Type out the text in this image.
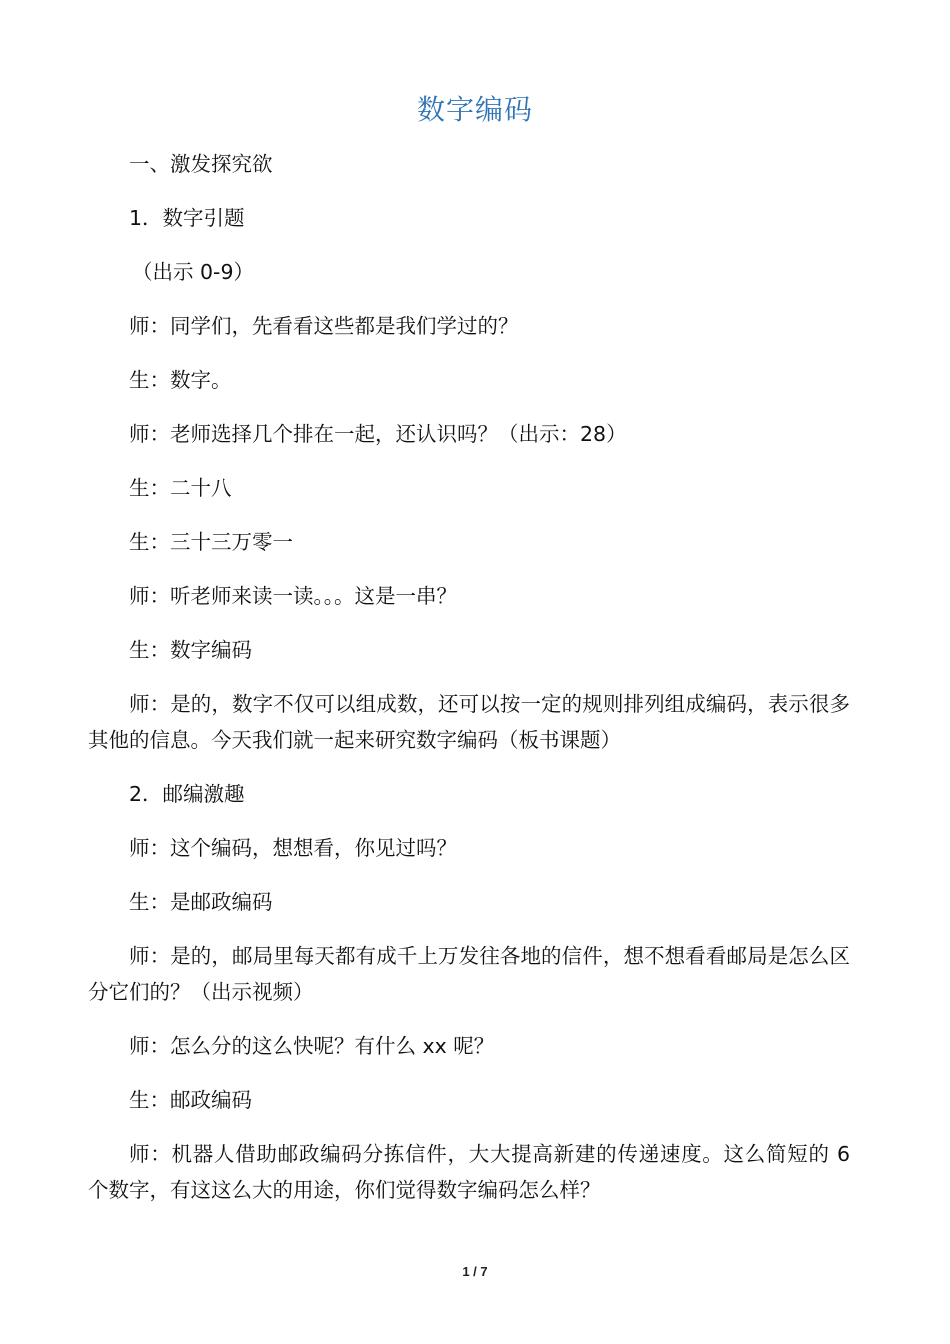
数字编码

一、激发探究欲

1．数字引题

（出示 0-9）

师：同学们，先看看这些都是我们学过的？

生：数字。

师：老师选择几个排在一起，还认识吗？（出示：28）

生：二十八

生：三十三万零一

师：听老师来读一读。。。这是一串？

生：数字编码

师：是的，数字不仅可以组成数，还可以按一定的规则排列组成编码，表示很多其他的信息。今天我们就一起来研究数字编码（板书课题）

2．邮编激趣

师：这个编码，想想看，你见过吗？

生：是邮政编码

师：是的，邮局里每天都有成千上万发往各地的信件，想不想看看邮局是怎么区分它们的？（出示视频）

师：怎么分的这么快呢？有什么 xx 呢？

生：邮政编码

师：机器人借助邮政编码分拣信件，大大提高新建的传递速度。这么简短的 6 个数字，有这这么大的用途，你们觉得数字编码怎么样？

1 / 7
